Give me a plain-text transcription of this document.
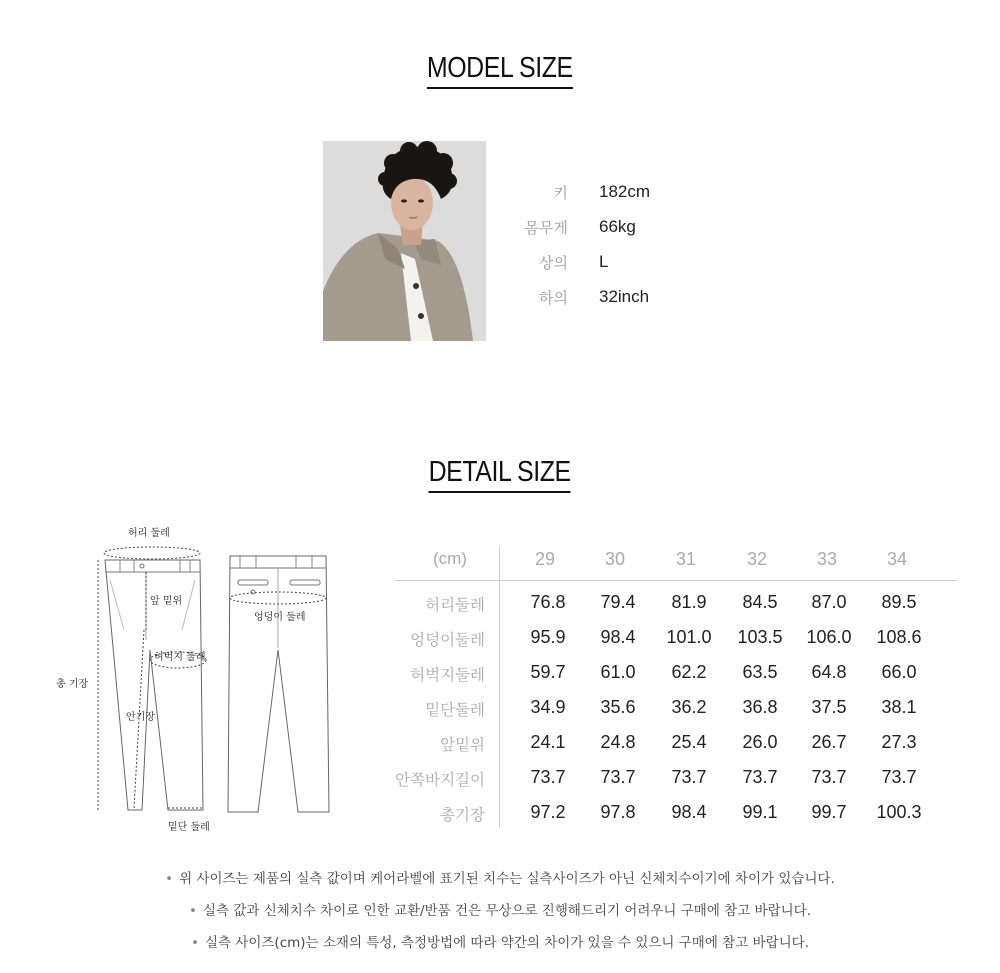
MODEL SIZE
키 182cm
몸무게 66kg
상의 L
하의 32inch
DETAIL SIZE
허리 둘레
앞 밑위
허벅지 둘레
안기장
총 기장
밑단 둘레
엉덩이 둘레
(cm)	29	30	31	32	33	34
허리둘레	76.8	79.4	81.9	84.5	87.0	89.5
엉덩이둘레	95.9	98.4	101.0	103.5	106.0	108.6
허벅지둘레	59.7	61.0	62.2	63.5	64.8	66.0
밑단둘레	34.9	35.6	36.2	36.8	37.5	38.1
앞밑위	24.1	24.8	25.4	26.0	26.7	27.3
안쪽바지길이	73.7	73.7	73.7	73.7	73.7	73.7
총기장	97.2	97.8	98.4	99.1	99.7	100.3
• 위 사이즈는 제품의 실측 값이며 케어라벨에 표기된 치수는 실측사이즈가 아닌 신체치수이기에 차이가 있습니다.
• 실측 값과 신체치수 차이로 인한 교환/반품 건은 무상으로 진행해드리기 어려우니 구매에 참고 바랍니다.
• 실측 사이즈(cm)는 소재의 특성, 측정방법에 따라 약간의 차이가 있을 수 있으니 구매에 참고 바랍니다.
